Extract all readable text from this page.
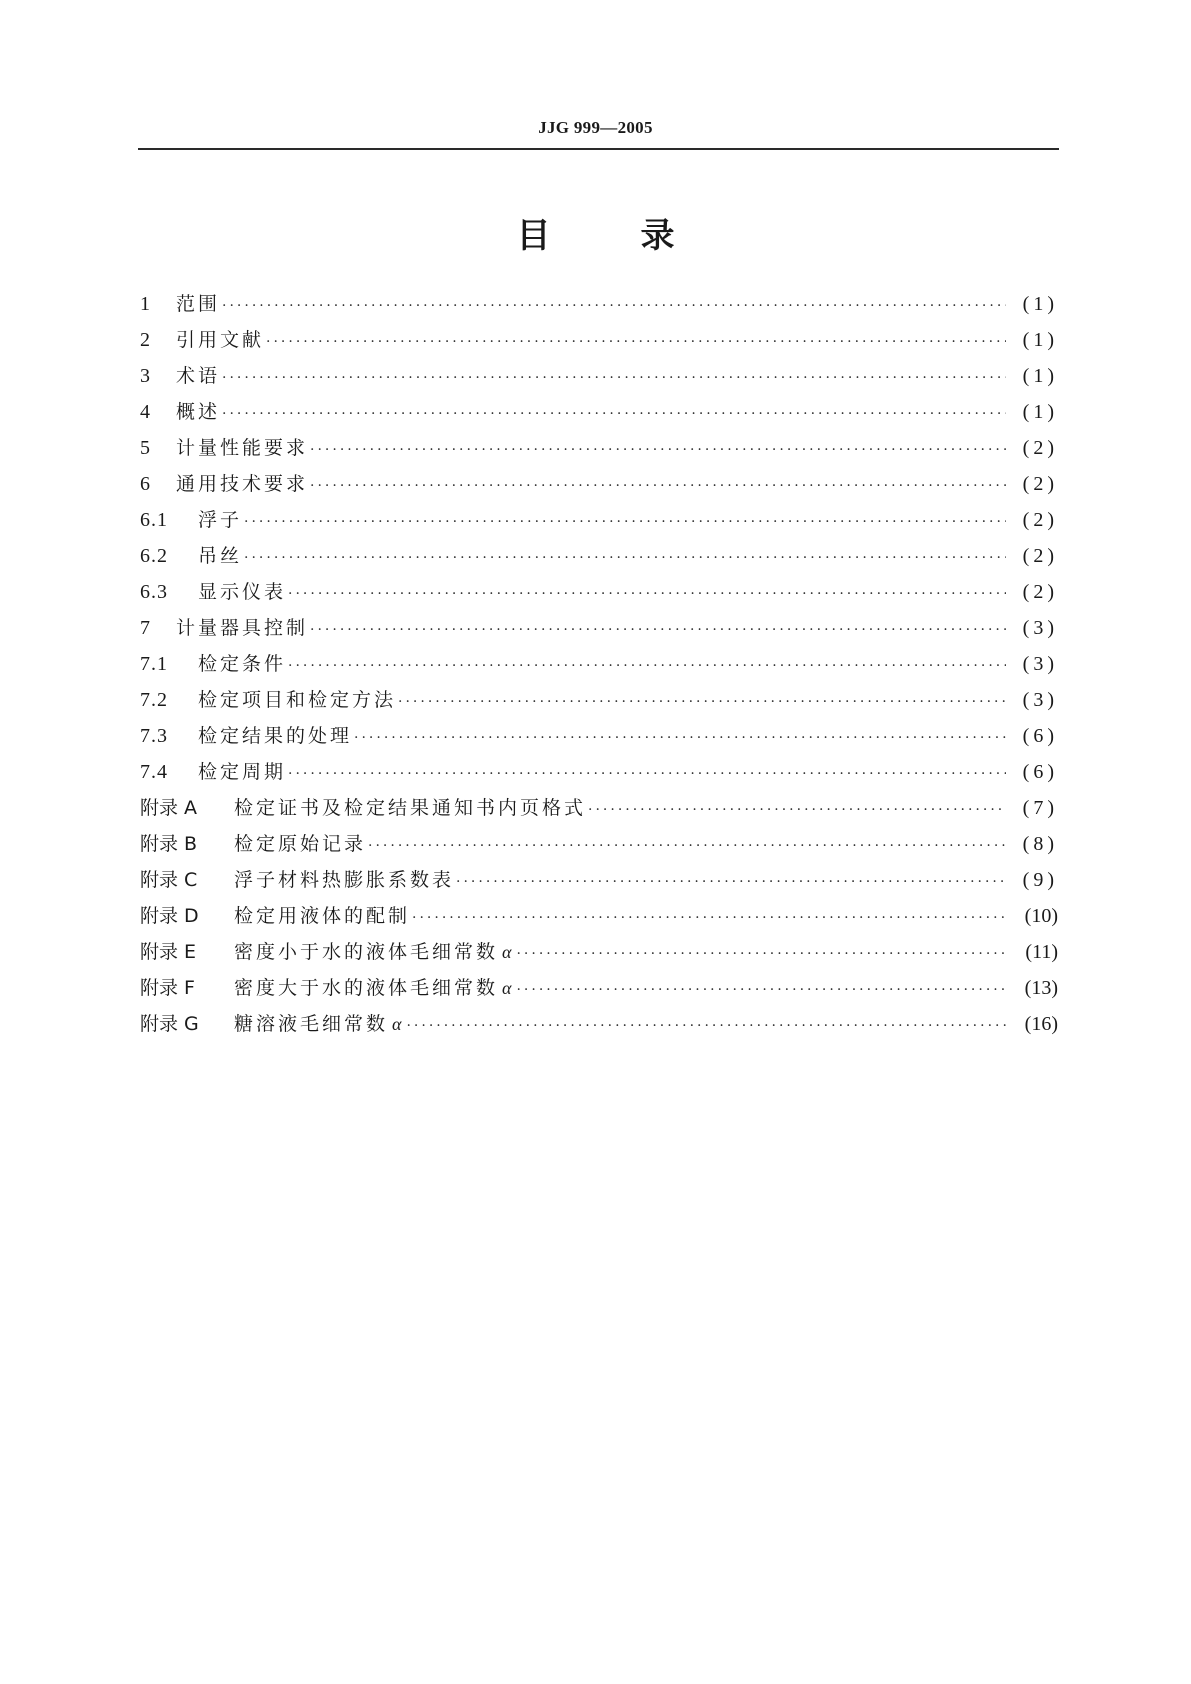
JJG 999—2005
目	录
1	范围 ·····	(1)
2	引用文献 ·····	(1)
3	术语 ·····	(1)
4	概述 ·····	(1)
5	计量性能要求 ·····	(2)
6	通用技术要求 ·····	(2)
6.1	浮子 ·····	(2)
6.2	吊丝 ·····	(2)
6.3	显示仪表 ·····	(2)
7	计量器具控制 ·····	(3)
7.1	检定条件 ·····	(3)
7.2	检定项目和检定方法 ·····	(3)
7.3	检定结果的处理 ·····	(6)
7.4	检定周期 ·····	(6)
附录 A	检定证书及检定结果通知书内页格式 ·····	(7)
附录 B	检定原始记录 ·····	(8)
附录 C	浮子材料热膨胀系数表 ·····	(9)
附录 D	检定用液体的配制 ·····	(10)
附录 E	密度小于水的液体毛细常数 α ·····	(11)
附录 F	密度大于水的液体毛细常数 α ·····	(13)
附录 G	糖溶液毛细常数 α ·····	(16)
